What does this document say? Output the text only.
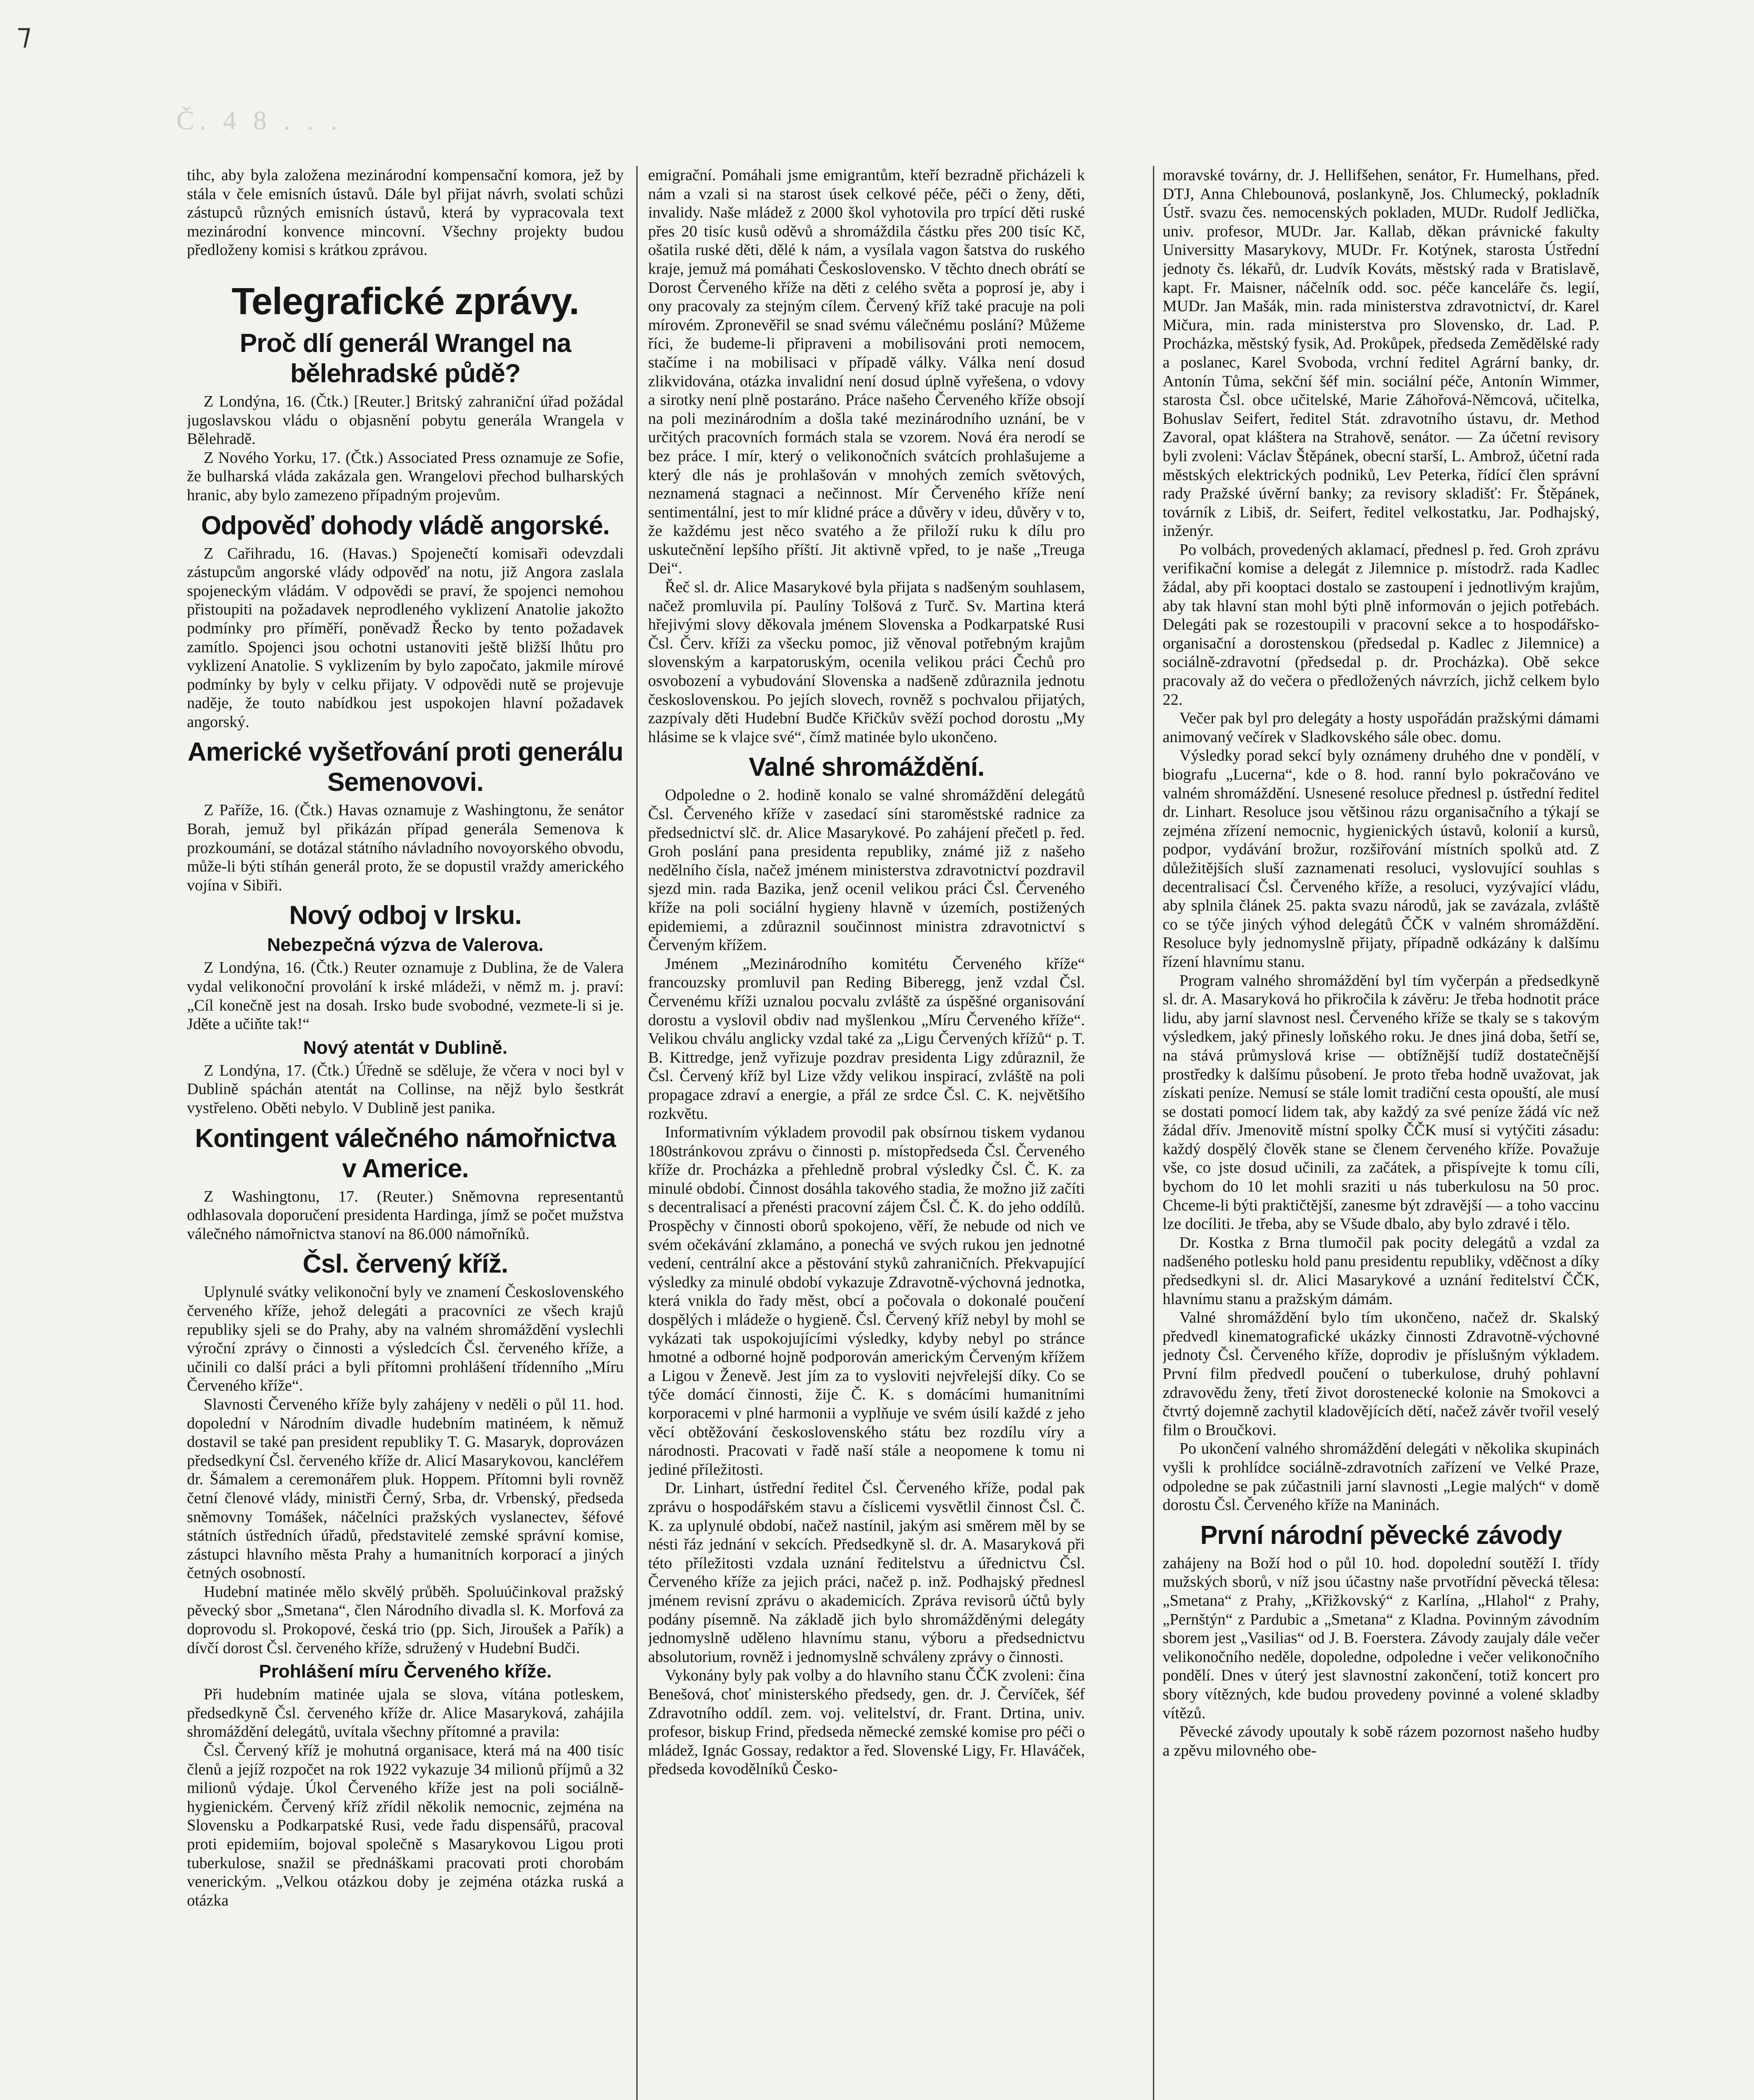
⁊
Č. 4 8 . . .

tihc, aby byla založena mezinárodní kompensační komora, jež by stála v čele emisních ústavů. Dále byl přijat návrh, svolati schůzi zástupců různých emisních ústavů, která by vypracovala text mezinárodní konvence mincovní. Všechny projekty budou předloženy komisi s krátkou zprávou.

Telegrafické zprávy.
Proč dlí generál Wrangel na bělehradské půdě?

Z Londýna, 16. (Čtk.) [Reuter.] Britský zahraniční úřad požádal jugoslavskou vládu o objasnění pobytu generála Wrangela v Bělehradě.

Z Nového Yorku, 17. (Čtk.) Associated Press oznamuje ze Sofie, že bulharská vláda zakázala gen. Wrangelovi přechod bulharských hranic, aby bylo zamezeno případným projevům.

Odpověď dohody vládě angorské.

Z Cařihradu, 16. (Havas.) Spojenečtí komisaři odevzdali zástupcům angorské vlády odpověď na notu, již Angora zaslala spojeneckým vládám. V odpovědi se praví, že spojenci nemohou přistoupiti na požadavek neprodleného vyklizení Anatolie jakožto podmínky pro příměří, poněvadž Řecko by tento požadavek zamítlo. Spojenci jsou ochotni ustanoviti ještě bližší lhůtu pro vyklizení Anatolie. S vyklizením by bylo započato, jakmile mírové podmínky by byly v celku přijaty. V odpovědi nutě se projevuje naděje, že touto nabídkou jest uspokojen hlavní požadavek angorský.

Americké vyšetřování proti generálu Semenovovi.

Z Paříže, 16. (Čtk.) Havas oznamuje z Washingtonu, že senátor Borah, jemuž byl přikázán případ generála Semenova k prozkoumání, se dotázal státního návladního novoyorského obvodu, může-li býti stíhán generál proto, že se dopustil vraždy amerického vojína v Sibiři.

Nový odboj v Irsku.
Nebezpečná výzva de Valerova.

Z Londýna, 16. (Čtk.) Reuter oznamuje z Dublina, že de Valera vydal velikonoční provolání k irské mládeži, v němž m. j. praví: „Cíl konečně jest na dosah. Irsko bude svobodné, vezmete-li si je. Jděte a učiňte tak!“

Nový atentát v Dublině.

Z Londýna, 17. (Čtk.) Úředně se sděluje, že včera v noci byl v Dublině spáchán atentát na Collinse, na nějž bylo šestkrát vystřeleno. Oběti nebylo. V Dublině jest panika.

Kontingent válečného námořnictva v Americe.

Z Washingtonu, 17. (Reuter.) Sněmovna representantů odhlasovala doporučení presidenta Hardinga, jímž se počet mužstva válečného námořnictva stanoví na 86.000 námořníků.

Čsl. červený kříž.

Uplynulé svátky velikonoční byly ve znamení Československého červeného kříže, jehož delegáti a pracovníci ze všech krajů republiky sjeli se do Prahy, aby na valném shromáždění vyslechli výroční zprávy o činnosti a výsledcích Čsl. červeného kříže, a učinili co další práci a byli přítomni prohlášení třídenního „Míru Červeného kříže“.

Slavnosti Červeného kříže byly zahájeny v neděli o půl 11. hod. dopolední v Národním divadle hudebním matinéem, k němuž dostavil se také pan president republiky T. G. Masaryk, doprovázen předsedkyní Čsl. červeného kříže dr. Alicí Masarykovou, kancléřem dr. Šámalem a ceremonářem pluk. Hoppem. Přítomni byli rovněž četní členové vlády, ministři Černý, Srba, dr. Vrbenský, předseda sněmovny Tomášek, náčelníci pražských vyslanectev, šéfové státních ústředních úřadů, představitelé zemské správní komise, zástupci hlavního města Prahy a humanitních korporací a jiných četných osobností.

Hudební matinée mělo skvělý průběh. Spoluúčinkoval pražský pěvecký sbor „Smetana“, člen Národního divadla sl. K. Morfová za doprovodu sl. Prokopové, česká trio (pp. Sich, Jiroušek a Pařík) a dívčí dorost Čsl. červeného kříže, sdružený v Hudební Budči.

Prohlášení míru Červeného kříže.

Při hudebním matinée ujala se slova, vítána potleskem, předsedkyně Čsl. červeného kříže dr. Alice Masaryková, zahájila shromáždění delegátů, uvítala všechny přítomné a pravila:

Čsl. Červený kříž je mohutná organisace, která má na 400 tisíc členů a jejíž rozpočet na rok 1922 vykazuje 34 milionů příjmů a 32 milionů výdaje. Úkol Červeného kříže jest na poli sociálně-hygienickém. Červený kříž zřídil několik nemocnic, zejména na Slovensku a Podkarpatské Rusi, vede řadu dispensářů, pracoval proti epidemiím, bojoval společně s Masarykovou Ligou proti tuberkulose, snažil se přednáškami pracovati proti chorobám venerickým. „Velkou otázkou doby je zejména otázka ruská a otázka

emigrační. Pomáhali jsme emigrantům, kteří bezradně přicházeli k nám a vzali si na starost úsek celkové péče, péči o ženy, děti, invalidy. Naše mládež z 2000 škol vyhotovila pro trpící děti ruské přes 20 tisíc kusů oděvů a shromáždila částku přes 200 tisíc Kč, ošatila ruské děti, dělé k nám, a vysílala vagon šatstva do ruského kraje, jemuž má pomáhati Československo. V těchto dnech obrátí se Dorost Červeného kříže na děti z celého světa a poprosí je, aby i ony pracovaly za stejným cílem. Červený kříž také pracuje na poli mírovém. Zpronevěřil se snad svému válečnému poslání? Můžeme říci, že budeme-li připraveni a mobilisováni proti nemocem, stačíme i na mobilisaci v případě války. Válka není dosud zlikvidována, otázka invalidní není dosud úplně vyřešena, o vdovy a sirotky není plně postaráno. Práce našeho Červeného kříže obsojí na poli mezinárodním a došla také mezinárodního uznání, be v určitých pracovních formách stala se vzorem. Nová éra nerodí se bez práce. I mír, který o velikonočních svátcích prohlašujeme a který dle nás je prohlašován v mnohých zemích světových, neznamená stagnaci a nečinnost. Mír Červeného kříže není sentimentální, jest to mír klidné práce a důvěry v ideu, důvěry v to, že každému jest něco svatého a že přiloží ruku k dílu pro uskutečnění lepšího příští. Jit aktivně vpřed, to je naše „Treuga Dei“.

Řeč sl. dr. Alice Masarykové byla přijata s nadšeným souhlasem, načež promluvila pí. Paulíny Tolšová z Turč. Sv. Martina která hřejivými slovy děkovala jménem Slovenska a Podkarpatské Rusi Čsl. Červ. kříži za všecku pomoc, již věnoval potřebným krajům slovenským a karpatoruským, ocenila velikou práci Čechů pro osvobození a vybudování Slovenska a nadšeně zdůraznila jednotu československou. Po jejích slovech, rovněž s pochvalou přijatých, zazpívaly děti Hudební Budče Křičkův svěží pochod dorostu „My hlásime se k vlajce své“, čímž matinée bylo ukončeno.

Valné shromáždění.

Odpoledne o 2. hodině konalo se valné shromáždění delegátů Čsl. Červeného kříže v zasedací síni staroměstské radnice za předsednictví slč. dr. Alice Masarykové. Po zahájení přečetl p. řed. Groh poslání pana presidenta republiky, známé již z našeho nedělního čísla, načež jménem ministerstva zdravotnictví pozdravil sjezd min. rada Bazika, jenž ocenil velikou práci Čsl. Červeného kříže na poli sociální hygieny hlavně v územích, postižených epidemiemi, a zdůraznil součinnost ministra zdravotnictví s Červeným křížem.

Jménem „Mezinárodního komitétu Červeného kříže“ francouzsky promluvil pan Reding Biberegg, jenž vzdal Čsl. Červenému kříži uznalou pocvalu zvláště za úspěšné organisování dorostu a vyslovil obdiv nad myšlenkou „Míru Červeného kříže“. Velikou chválu anglicky vzdal také za „Ligu Červených křížů“ p. T. B. Kittredge, jenž vyřizuje pozdrav presidenta Ligy zdůraznil, že Čsl. Červený kříž byl Lize vždy velikou inspirací, zvláště na poli propagace zdraví a energie, a přál ze srdce Čsl. C. K. největšího rozkvětu.

Informativním výkladem provodil pak obsírnou tiskem vydanou 180stránkovou zprávu o činnosti p. místopředseda Čsl. Červeného kříže dr. Procházka a přehledně probral výsledky Čsl. Č. K. za minulé období. Činnost dosáhla takového stadia, že možno již začíti s decentralisací a přenésti pracovní zájem Čsl. Č. K. do jeho oddílů. Prospěchy v činnosti oborů spokojeno, věří, že nebude od nich ve svém očekávání zklamáno, a ponechá ve svých rukou jen jednotné vedení, centrální akce a pěstování styků zahraničních. Překvapující výsledky za minulé období vykazuje Zdravotně-výchovná jednotka, která vnikla do řady měst, obcí a počovala o dokonalé poučení dospělých i mládeže o hygieně. Čsl. Červený kříž nebyl by mohl se vykázati tak uspokojujícími výsledky, kdyby nebyl po stránce hmotné a odborné hojně podporován americkým Červeným křížem a Ligou v Ženevě. Jest jím za to vysloviti nejvřelejší díky. Co se týče domácí činnosti, žije Č. K. s domácími humanitními korporacemi v plné harmonii a vyplňuje ve svém úsilí každé z jeho věcí obtěžování československého státu bez rozdílu víry a národnosti. Pracovati v řadě naší stále a neopomene k tomu ni jediné příležitosti.

Dr. Linhart, ústřední ředitel Čsl. Červeného kříže, podal pak zprávu o hospodářském stavu a číslicemi vysvětlil činnost Čsl. Č. K. za uplynulé období, načež nastínil, jakým asi směrem měl by se nésti řáz jednání v sekcích. Předsedkyně sl. dr. A. Masaryková při této příležitosti vzdala uznání ředitelstvu a úřednictvu Čsl. Červeného kříže za jejich práci, načež p. inž. Podhajský přednesl jménem revisní zprávu o akademicích. Zpráva revisorů účtů byly podány písemně. Na základě jich bylo shromážděnými delegáty jednomyslně uděleno hlavnímu stanu, výboru a předsednictvu absolutorium, rovněž i jednomyslně schváleny zprávy o činnosti.

Vykonány byly pak volby a do hlavního stanu ČČK zvoleni: čina Benešová, choť ministerského předsedy, gen. dr. J. Červíček, šéf Zdravotního oddíl. zem. voj. velitelství, dr. Frant. Drtina, univ. profesor, biskup Frind, předseda německé zemské komise pro péči o mládež, Ignác Gossay, redaktor a řed. Slovenské Ligy, Fr. Hlaváček, předseda kovodělníků Česko-

moravské továrny, dr. J. Hellifšehen, senátor, Fr. Humelhans, před. DTJ, Anna Chlebounová, poslankyně, Jos. Chlumecký, pokladník Ústř. svazu čes. nemocenských pokladen, MUDr. Rudolf Jedlička, univ. profesor, MUDr. Jar. Kallab, děkan právnické fakulty Universitty Masarykovy, MUDr. Fr. Kotýnek, starosta Ústřední jednoty čs. lékařů, dr. Ludvík Kováts, městský rada v Bratislavě, kapt. Fr. Maisner, náčelník odd. soc. péče kanceláře čs. legií, MUDr. Jan Mašák, min. rada ministerstva zdravotnictví, dr. Karel Mičura, min. rada ministerstva pro Slovensko, dr. Lad. P. Procházka, městský fysik, Ad. Prokůpek, předseda Zemědělské rady a poslanec, Karel Svoboda, vrchní ředitel Agrární banky, dr. Antonín Tůma, sekční šéf min. sociální péče, Antonín Wimmer, starosta Čsl. obce učitelské, Marie Záhořová-Němcová, učitelka, Bohuslav Seifert, ředitel Stát. zdravotního ústavu, dr. Method Zavoral, opat kláštera na Strahově, senátor. — Za účetní revisory byli zvoleni: Václav Štěpánek, obecní starší, L. Ambrož, účetní rada městských elektrických podniků, Lev Peterka, řídící člen správní rady Pražské úvěrní banky; za revisory skladišť: Fr. Štěpánek, továrník z Libiš, dr. Seifert, ředitel velkostatku, Jar. Podhajský, inženýr.

Po volbách, provedených aklamací, přednesl p. řed. Groh zprávu verifikační komise a delegát z Jilemnice p. místodrž. rada Kadlec žádal, aby při kooptaci dostalo se zastoupení i jednotlivým krajům, aby tak hlavní stan mohl býti plně informován o jejich potřebách. Delegáti pak se rozestoupili v pracovní sekce a to hospodářsko-organisační a dorostenskou (předsedal p. Kadlec z Jilemnice) a sociálně-zdravotní (předsedal p. dr. Procházka). Obě sekce pracovaly až do večera o předložených návrzích, jichž celkem bylo 22.

Večer pak byl pro delegáty a hosty uspořádán pražskými dámami animovaný večírek v Sladkovského sále obec. domu.

Výsledky porad sekcí byly oznámeny druhého dne v pondělí, v biografu „Lucerna“, kde o 8. hod. ranní bylo pokračováno ve valném shromáždění. Usnesené resoluce přednesl p. ústřední ředitel dr. Linhart. Resoluce jsou většinou rázu organisačního a týkají se zejména zřízení nemocnic, hygienických ústavů, kolonií a kursů, podpor, vydávání brožur, rozšiřování místních spolků atd. Z důležitějších sluší zaznamenati resoluci, vyslovující souhlas s decentralisací Čsl. Červeného kříže, a resoluci, vyzývající vládu, aby splnila článek 25. pakta svazu národů, jak se zavázala, zvláště co se týče jiných výhod delegátů ČČK v valném shromáždění. Resoluce byly jednomyslně přijaty, případně odkázány k dalšímu řízení hlavnímu stanu.

Program valného shromáždění byl tím vyčerpán a předsedkyně sl. dr. A. Masaryková ho přikročila k závěru: Je třeba hodnotit práce lidu, aby jarní slavnost nesl. Červeného kříže se tkaly se s takovým výsledkem, jaký přinesly loňského roku. Je dnes jiná doba, šetří se, na stává průmyslová krise — obtížnější tudíž dostatečnější prostředky k dalšímu působení. Je proto třeba hodně uvažovat, jak získati peníze. Nemusí se stále lomit tradiční cesta opouští, ale musí se dostati pomocí lidem tak, aby každý za své peníze žádá víc než žádal dřív. Jmenovitě místní spolky ČČK musí si vytýčiti zásadu: každý dospělý člověk stane se členem červeného kříže. Považuje vše, co jste dosud učinili, za začátek, a přispívejte k tomu cíli, bychom do 10 let mohli sraziti u nás tuberkulosu na 50 proc. Chceme-li býti praktičtější, zanesme být zdravější — a toho vaccinu lze docíliti. Je třeba, aby se Všude dbalo, aby bylo zdravé i tělo.

Dr. Kostka z Brna tlumočil pak pocity delegátů a vzdal za nadšeného potlesku hold panu presidentu republiky, vděčnost a díky předsedkyni sl. dr. Alici Masarykové a uznání ředitelství ČČK, hlavnímu stanu a pražským dámám.

Valné shromáždění bylo tím ukončeno, načež dr. Skalský předvedl kinematografické ukázky činnosti Zdravotně-výchovné jednoty Čsl. Červeného kříže, doprodiv je příslušným výkladem. První film předvedl poučení o tuberkulose, druhý pohlavní zdravovědu ženy, třetí život dorostenecké kolonie na Smokovci a čtvrtý dojemně zachytil kladovějících dětí, načež závěr tvořil veselý film o Broučkovi.

Po ukončení valného shromáždění delegáti v několika skupinách vyšli k prohlídce sociálně-zdravotních zařízení ve Velké Praze, odpoledne se pak zúčastnili jarní slavnosti „Legie malých“ v domě dorostu Čsl. Červeného kříže na Maninách.

První národní pěvecké závody

zahájeny na Boží hod o půl 10. hod. dopolední soutěží I. třídy mužských sborů, v níž jsou účastny naše prvotřídní pěvecká tělesa: „Smetana“ z Prahy, „Křižkovský“ z Karlína, „Hlahol“ z Prahy, „Pernštýn“ z Pardubic a „Smetana“ z Kladna. Povinným závodním sborem jest „Vasilias“ od J. B. Foerstera. Závody zaujaly dále večer velikonočního neděle, dopoledne, odpoledne i večer velikonočního pondělí. Dnes v úterý jest slavnostní zakončení, totiž koncert pro sbory vítězných, kde budou provedeny povinné a volené skladby vítězů.

Pěvecké závody upoutaly k sobě rázem pozornost našeho hudby a zpěvu milovného obe-
